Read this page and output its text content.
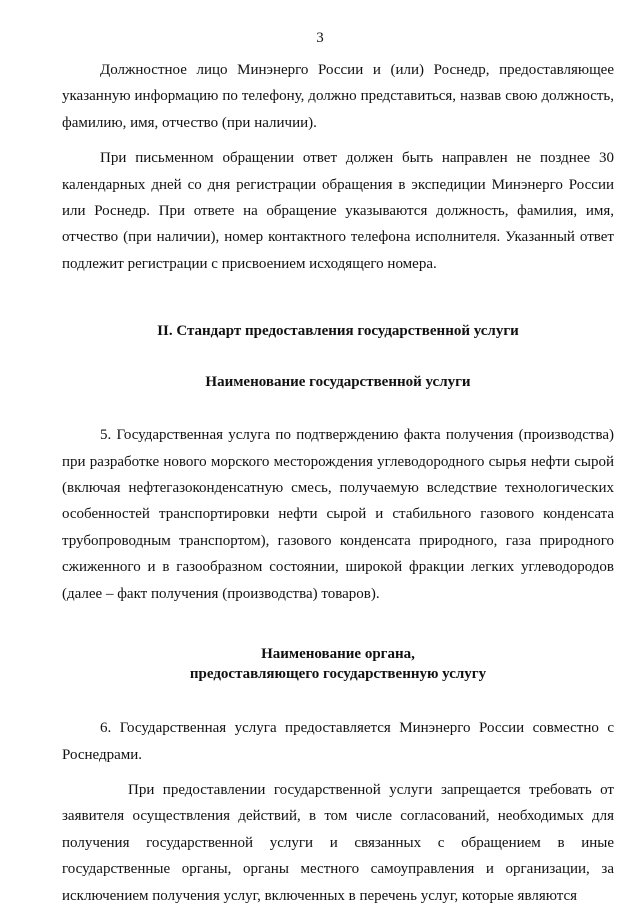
3

Должностное лицо Минэнерго России и (или) Роснедр, предоставляющее указанную информацию по телефону, должно представиться, назвав свою должность, фамилию, имя, отчество (при наличии).

При письменном обращении ответ должен быть направлен не позднее 30 календарных дней со дня регистрации обращения в экспедиции Минэнерго России или Роснедр. При ответе на обращение указываются должность, фамилия, имя, отчество (при наличии), номер контактного телефона исполнителя. Указанный ответ подлежит регистрации с присвоением исходящего номера.

II. Стандарт предоставления государственной услуги

Наименование государственной услуги

5. Государственная услуга по подтверждению факта получения (производства) при разработке нового морского месторождения углеводородного сырья нефти сырой (включая нефтегазоконденсатную смесь, получаемую вследствие технологических особенностей транспортировки нефти сырой и стабильного газового конденсата трубопроводным транспортом), газового конденсата природного, газа природного сжиженного и в газообразном состоянии, широкой фракции легких углеводородов (далее – факт получения (производства) товаров).

Наименование органа,
предоставляющего государственную услугу

6. Государственная услуга предоставляется Минэнерго России совместно с Роснедрами.

При предоставлении государственной услуги запрещается требовать от заявителя осуществления действий, в том числе согласований, необходимых для получения государственной услуги и связанных с обращением в иные государственные органы, органы местного самоуправления и организации, за исключением получения услуг, включенных в перечень услуг, которые являются
